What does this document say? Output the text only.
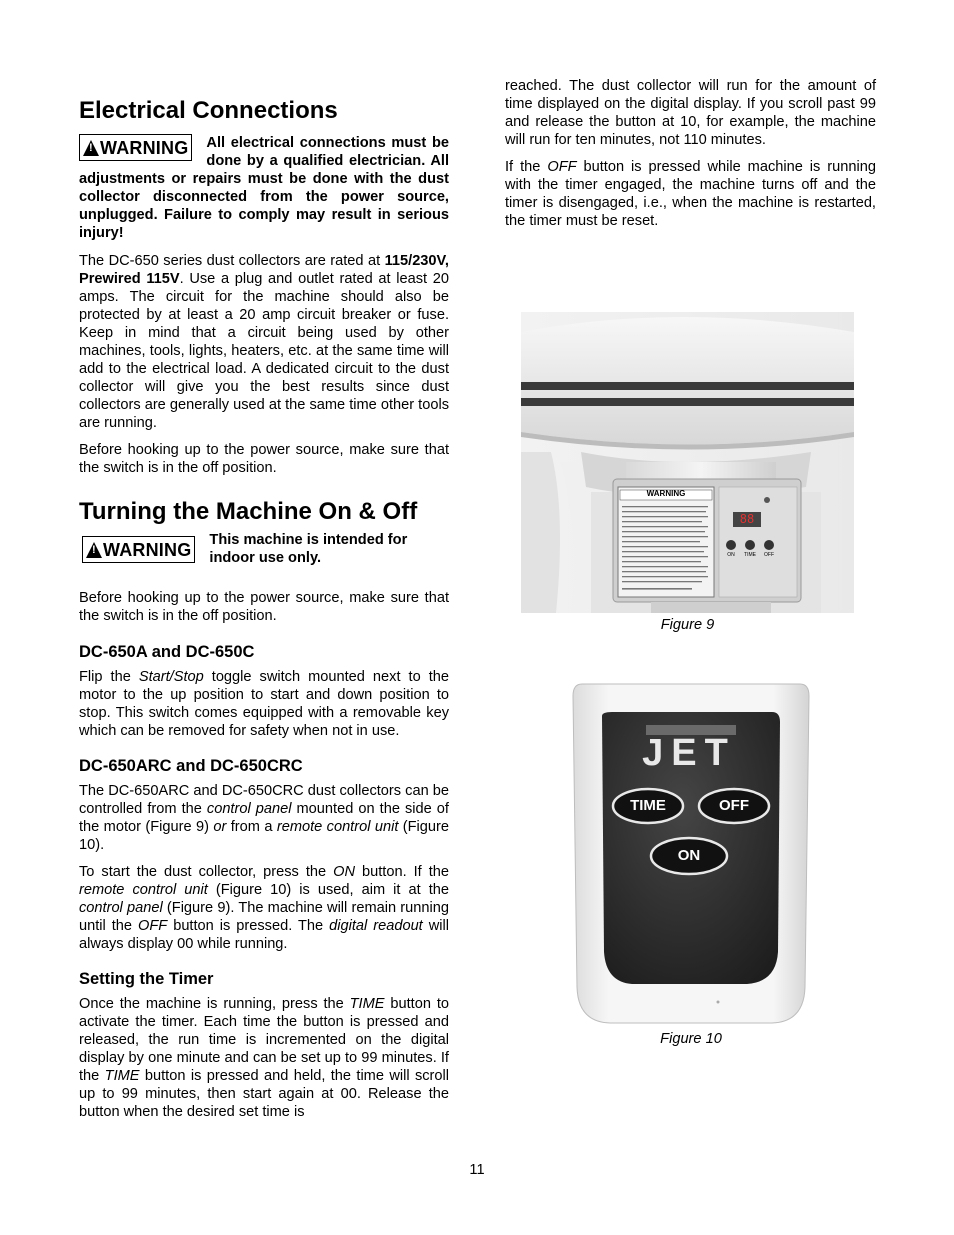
Electrical Connections
!
WARNING	All electrical connections must be done by a qualified electrician. All adjustments or repairs must be done with the dust collector disconnected from the power source, unplugged. Failure to comply may result in serious injury!

The DC-650 series dust collectors are rated at 115/230V, Prewired 115V. Use a plug and outlet rated at least 20 amps. The circuit for the machine should also be protected by at least a 20 amp circuit breaker or fuse. Keep in mind that a circuit being used by other machines, tools, lights, heaters, etc. at the same time will add to the electrical load. A dedicated circuit to the dust collector will give you the best results since dust collectors are generally used at the same time other tools are running.

Before hooking up to the power source, make sure that the switch is in the off position.

Turning the Machine On & Off
!
WARNING	This machine is intended for indoor use only.

Before hooking up to the power source, make sure that the switch is in the off position.

DC-650A and DC-650C

Flip the Start/Stop toggle switch mounted next to the motor to the up position to start and down position to stop. This switch comes equipped with a removable key which can be removed for safety when not in use.

DC-650ARC and DC-650CRC

The DC-650ARC and DC-650CRC dust collectors can be controlled from the control panel mounted on the side of the motor (Figure 9) or from a remote control unit (Figure 10).

To start the dust collector, press the ON button. If the remote control unit (Figure 10) is used, aim it at the control panel (Figure 9). The machine will remain running until the OFF button is pressed. The digital readout will always display 00 while running.

Setting the Timer

Once the machine is running, press the TIME button to activate the timer. Each time the button is pressed and released, the run time is incremented on the digital display by one minute and can be set up to 99 minutes. If the TIME button is pressed and held, the time will scroll up to 99 minutes, then start again at 00. Release the button when the desired set time is

reached. The dust collector will run for the amount of time displayed on the digital display. If you scroll past 99 and release the button at 10, for example, the machine will run for ten minutes, not 110 minutes.

If the OFF button is pressed while machine is running with the timer engaged, the machine turns off and the timer is disengaged, i.e., when the machine is restarted, the timer must be reset.

WARNING
88
ON	TIME	OFF
Figure 9
JET
TIME	OFF
ON
Figure 10
11
